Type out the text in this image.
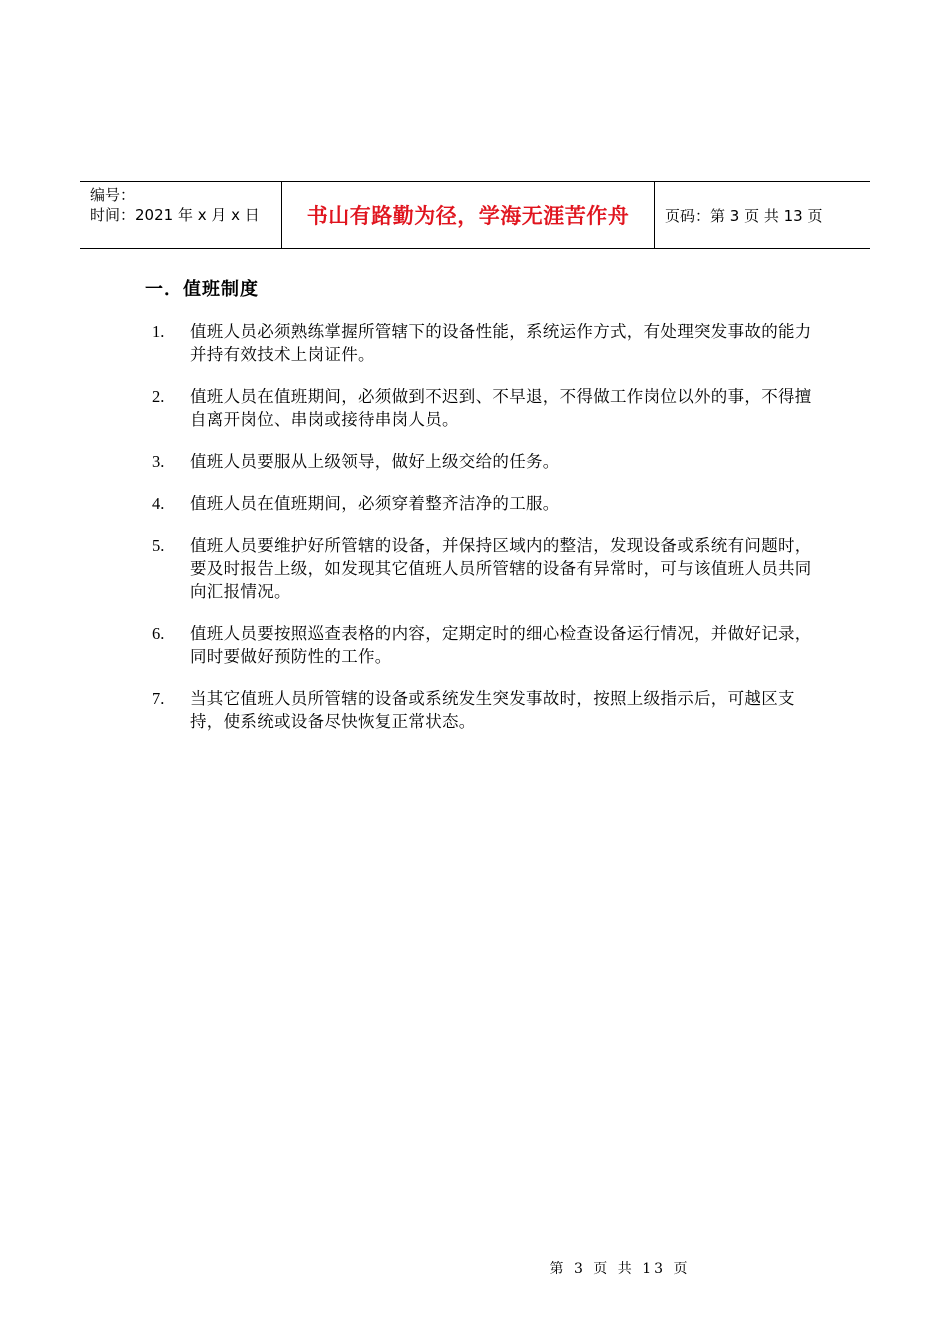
编号：
时间：2021 年 x 月 x 日	书山有路勤为径，学海无涯苦作舟 页码：第 3 页 共 13 页
一．值班制度
1.	值班人员必须熟练掌握所管辖下的设备性能，系统运作方式，有处理突发事故的能力并持有效技术上岗证件。
2.	值班人员在值班期间，必须做到不迟到、不早退，不得做工作岗位以外的事，不得擅自离开岗位、串岗或接待串岗人员。
3.	值班人员要服从上级领导，做好上级交给的任务。
4.	值班人员在值班期间，必须穿着整齐洁净的工服。
5.	值班人员要维护好所管辖的设备，并保持区域内的整洁，发现设备或系统有问题时，要及时报告上级，如发现其它值班人员所管辖的设备有异常时，可与该值班人员共同向汇报情况。
6.	值班人员要按照巡查表格的内容，定期定时的细心检查设备运行情况，并做好记录，同时要做好预防性的工作。
7.	当其它值班人员所管辖的设备或系统发生突发事故时，按照上级指示后，可越区支持，使系统或设备尽快恢复正常状态。
第 3 页 共 13 页
